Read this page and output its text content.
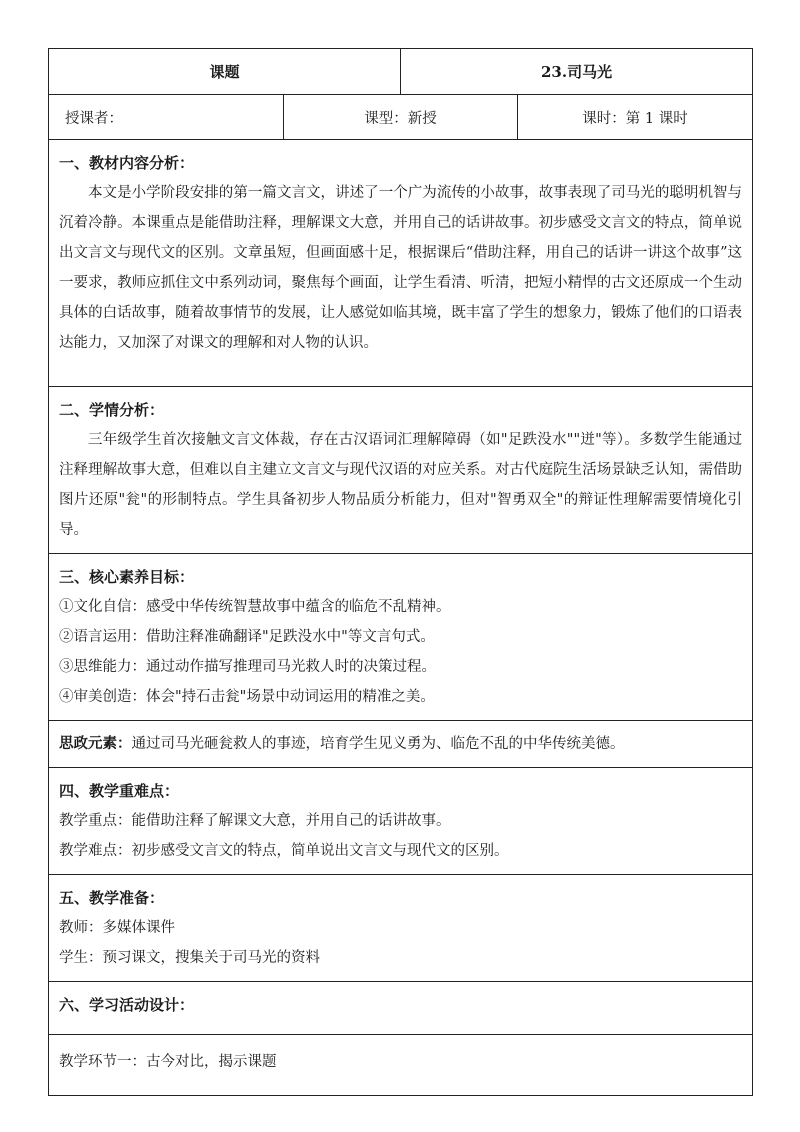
课题		23.司马光	
授课者：	课型：新授		课时：第 1 课时

一、教材内容分析：

本文是小学阶段安排的第一篇文言文，讲述了一个广为流传的小故事，故事表现了司马光的聪明机智与沉着冷静。本课重点是能借助注释，理解课文大意，并用自己的话讲故事。初步感受文言文的特点，简单说出文言文与现代文的区别。文章虽短，但画面感十足，根据课后“借助注释，用自己的话讲一讲这个故事”这一要求，教师应抓住文中系列动词，聚焦每个画面，让学生看清、听清，把短小精悍的古文还原成一个生动具体的白话故事，随着故事情节的发展，让人感觉如临其境，既丰富了学生的想象力，锻炼了他们的口语表达能力，又加深了对课文的理解和对人物的认识。			

二、学情分析：

三年级学生首次接触文言文体裁，存在古汉语词汇理解障碍（如"足跌没水""迸"等）。多数学生能通过注释理解故事大意，但难以自主建立文言文与现代汉语的对应关系。对古代庭院生活场景缺乏认知，需借助图片还原"瓮"的形制特点。学生具备初步人物品质分析能力，但对"智勇双全"的辩证性理解需要情境化引导。			

三、核心素养目标：

①文化自信：感受中华传统智慧故事中蕴含的临危不乱精神。

②语言运用：借助注释准确翻译"足跌没水中"等文言句式。

③思维能力：通过动作描写推理司马光救人时的决策过程。

④审美创造：体会"持石击瓮"场景中动词运用的精准之美。			

思政元素：通过司马光砸瓮救人的事迹，培育学生见义勇为、临危不乱的中华传统美德。			

四、教学重难点：

教学重点：能借助注释了解课文大意，并用自己的话讲故事。

教学难点：初步感受文言文的特点，简单说出文言文与现代文的区别。			

五、教学准备：

教师：多媒体课件

学生：预习课文，搜集关于司马光的资料			

六、学习活动设计：			

教学环节一：古今对比，揭示课题			
